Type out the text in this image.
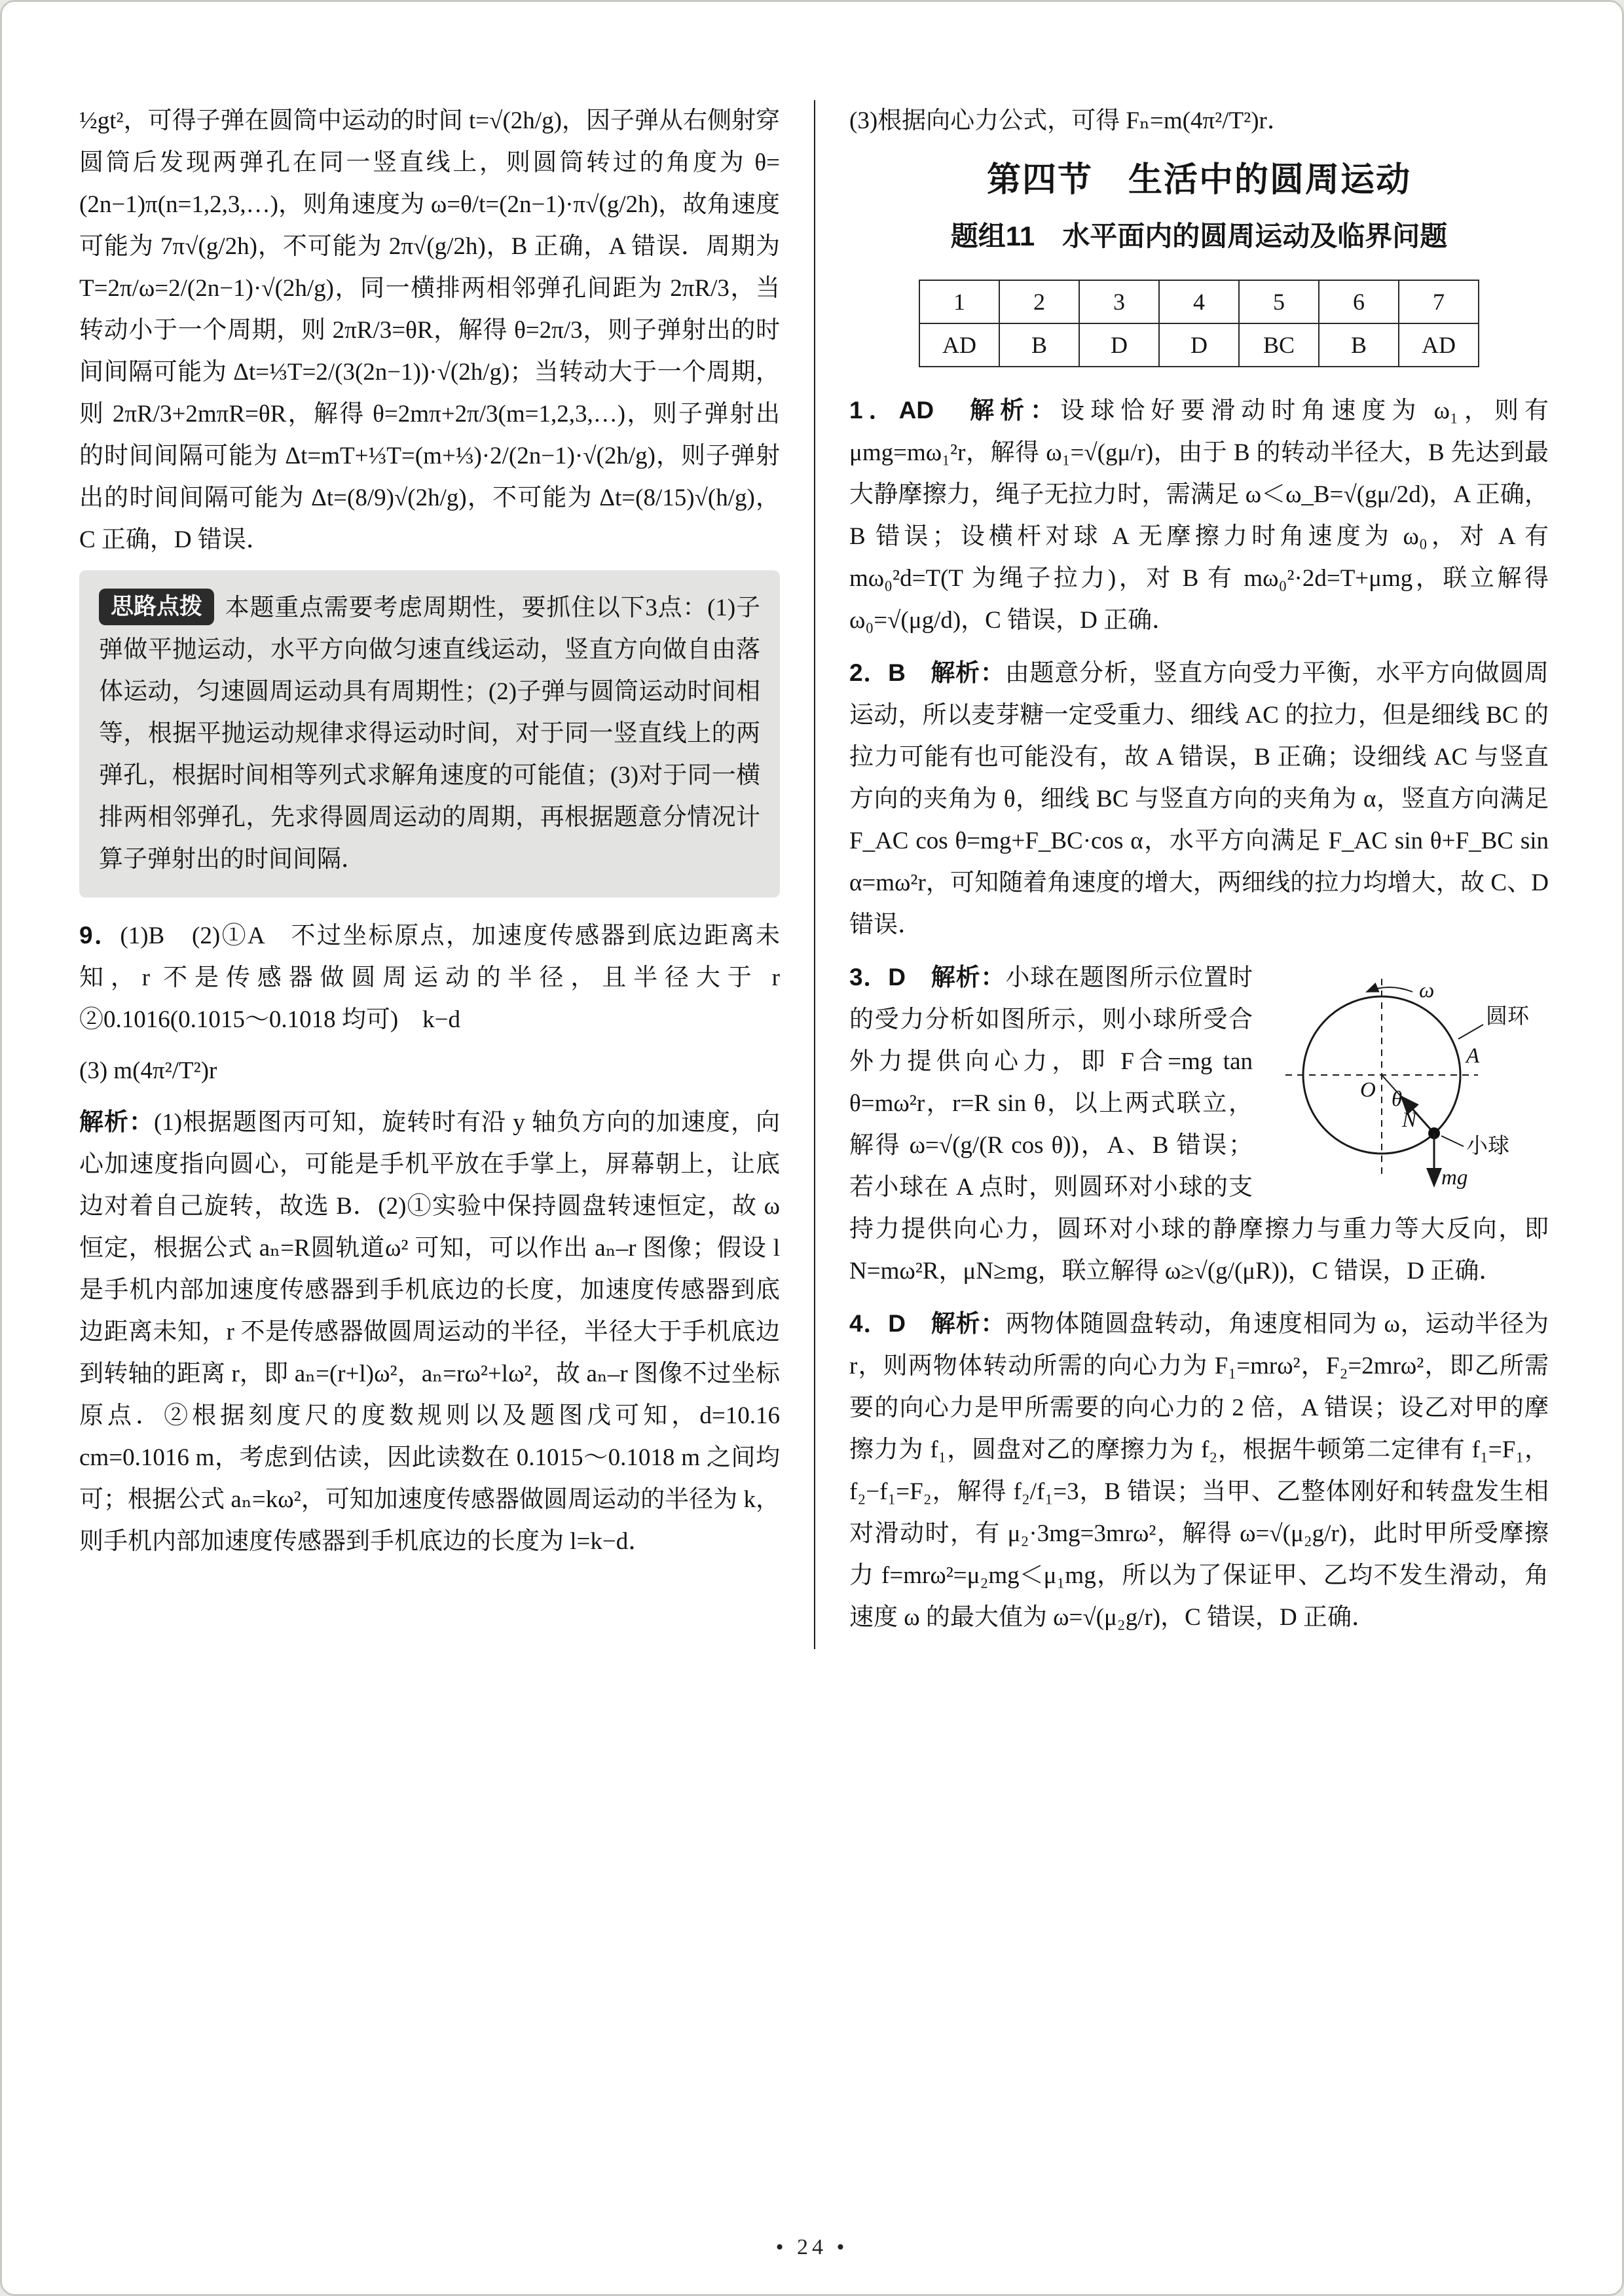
½gt²，可得子弹在圆筒中运动的时间 t=√(2h/g)，因子弹从右侧射穿圆筒后发现两弹孔在同一竖直线上，则圆筒转过的角度为 θ=(2n−1)π(n=1,2,3,…)，则角速度为 ω=θ/t=(2n−1)·π√(g/2h)，故角速度可能为 7π√(g/2h)，不可能为 2π√(g/2h)，B 正确，A 错误．周期为 T=2π/ω=2/(2n−1)·√(2h/g)，同一横排两相邻弹孔间距为 2πR/3，当转动小于一个周期，则 2πR/3=θR，解得 θ=2π/3，则子弹射出的时间间隔可能为 Δt=⅓T=2/(3(2n−1))·√(2h/g)；当转动大于一个周期，则 2πR/3+2mπR=θR，解得 θ=2mπ+2π/3(m=1,2,3,…)，则子弹射出的时间间隔可能为 Δt=mT+⅓T=(m+⅓)·2/(2n−1)·√(2h/g)，则子弹射出的时间间隔可能为 Δt=(8/9)√(2h/g)，不可能为 Δt=(8/15)√(h/g)，C 正确，D 错误．

思路点拨 本题重点需要考虑周期性，要抓住以下3点：(1)子弹做平抛运动，水平方向做匀速直线运动，竖直方向做自由落体运动，匀速圆周运动具有周期性；(2)子弹与圆筒运动时间相等，根据平抛运动规律求得运动时间，对于同一竖直线上的两弹孔，根据时间相等列式求解角速度的可能值；(3)对于同一横排两相邻弹孔，先求得圆周运动的周期，再根据题意分情况计算子弹射出的时间间隔．

9．(1)B　(2)①A　不过坐标原点，加速度传感器到底边距离未知，r 不是传感器做圆周运动的半径，且半径大于 r　②0.1016(0.1015～0.1018 均可)　k−d

(3) m(4π²/T²)r

解析：(1)根据题图丙可知，旋转时有沿 y 轴负方向的加速度，向心加速度指向圆心，可能是手机平放在手掌上，屏幕朝上，让底边对着自己旋转，故选 B．(2)①实验中保持圆盘转速恒定，故 ω 恒定，根据公式 aₙ=R圆轨道ω² 可知，可以作出 aₙ–r 图像；假设 l 是手机内部加速度传感器到手机底边的长度，加速度传感器到底边距离未知，r 不是传感器做圆周运动的半径，半径大于手机底边到转轴的距离 r，即 aₙ=(r+l)ω²，aₙ=rω²+lω²，故 aₙ–r 图像不过坐标原点．②根据刻度尺的度数规则以及题图戊可知，d=10.16 cm=0.1016 m，考虑到估读，因此读数在 0.1015～0.1018 m 之间均可；根据公式 aₙ=kω²，可知加速度传感器做圆周运动的半径为 k，则手机内部加速度传感器到手机底边的长度为 l=k−d．

(3)根据向心力公式，可得 Fₙ=m(4π²/T²)r．

第四节　生活中的圆周运动
题组11　水平面内的圆周运动及临界问题
1	2	3	4	5	6	7
AD	B	D	D	BC	B	AD
1．AD　解析：设球恰好要滑动时角速度为 ω₁，则有 μmg=mω₁²r，解得 ω₁=√(gμ/r)，由于 B 的转动半径大，B 先达到最大静摩擦力，绳子无拉力时，需满足 ω＜ω_B=√(gμ/2d)，A 正确，B 错误；设横杆对球 A 无摩擦力时角速度为 ω₀，对 A 有 mω₀²d=T(T 为绳子拉力)，对 B 有 mω₀²·2d=T+μmg，联立解得 ω₀=√(μg/d)，C 错误，D 正确．
2．B　解析：由题意分析，竖直方向受力平衡，水平方向做圆周运动，所以麦芽糖一定受重力、细线 AC 的拉力，但是细线 BC 的拉力可能有也可能没有，故 A 错误，B 正确；设细线 AC 与竖直方向的夹角为 θ，细线 BC 与竖直方向的夹角为 α，竖直方向满足 F_AC cos θ=mg+F_BC·cos α，水平方向满足 F_AC sin θ+F_BC sin α=mω²r，可知随着角速度的增大，两细线的拉力均增大，故 C、D 错误．
ω
圆环
A
O θ
N
小球
mg
3．D　解析：小球在题图所示位置时的受力分析如图所示，则小球所受合外力提供向心力，即 F合=mg tan θ=mω²r，r=R sin θ，以上两式联立，解得 ω=√(g/(R cos θ))，A、B 错误；若小球在 A 点时，则圆环对小球的支持力提供向心力，圆环对小球的静摩擦力与重力等大反向，即 N=mω²R，μN≥mg，联立解得 ω≥√(g/(μR))，C 错误，D 正确．
4．D　解析：两物体随圆盘转动，角速度相同为 ω，运动半径为 r，则两物体转动所需的向心力为 F₁=mrω²，F₂=2mrω²，即乙所需要的向心力是甲所需要的向心力的 2 倍，A 错误；设乙对甲的摩擦力为 f₁，圆盘对乙的摩擦力为 f₂，根据牛顿第二定律有 f₁=F₁，f₂−f₁=F₂，解得 f₂/f₁=3，B 错误；当甲、乙整体刚好和转盘发生相对滑动时，有 μ₂·3mg=3mrω²，解得 ω=√(μ₂g/r)，此时甲所受摩擦力 f=mrω²=μ₂mg＜μ₁mg，所以为了保证甲、乙均不发生滑动，角速度 ω 的最大值为 ω=√(μ₂g/r)，C 错误，D 正确．
• 24 •
